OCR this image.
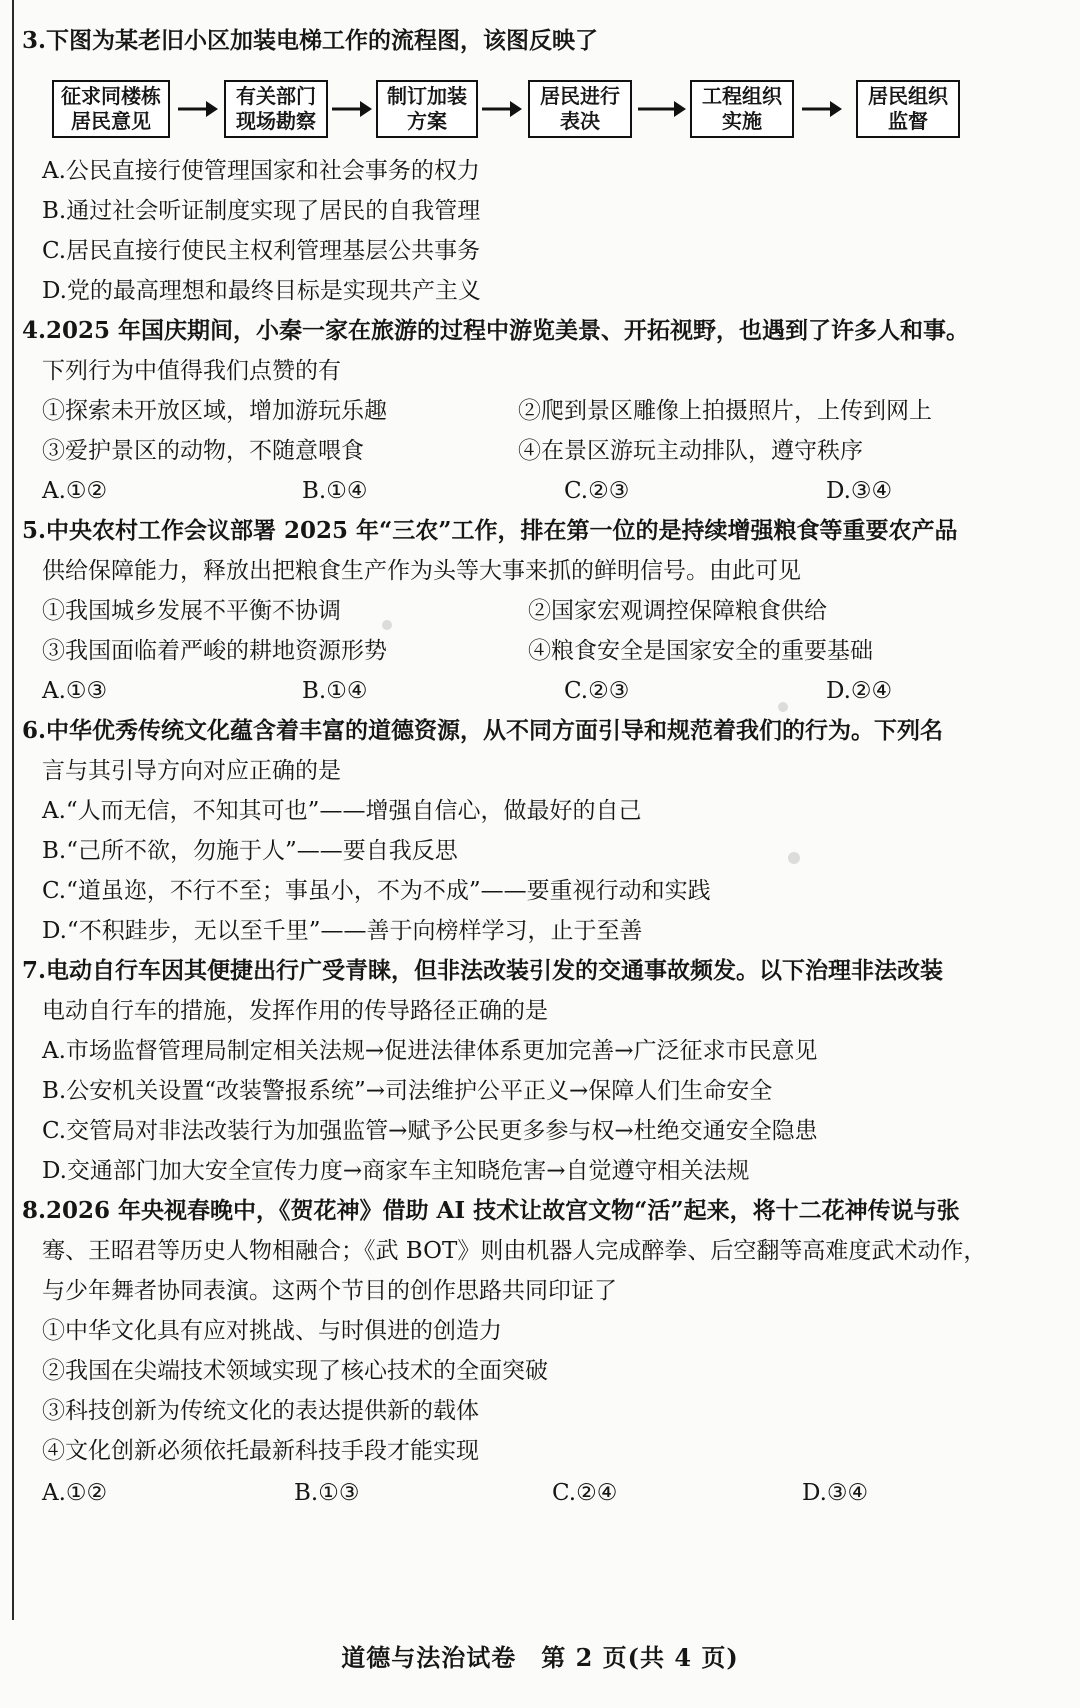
3.下图为某老旧小区加装电梯工作的流程图，该图反映了
征求同楼栋
居民意见
有关部门
现场勘察
制订加装
方案
居民进行
表决
工程组织
实施
居民组织
监督
A.公民直接行使管理国家和社会事务的权力
B.通过社会听证制度实现了居民的自我管理
C.居民直接行使民主权利管理基层公共事务
D.党的最高理想和最终目标是实现共产主义
4.2025 年国庆期间，小秦一家在旅游的过程中游览美景、开拓视野，也遇到了许多人和事。
下列行为中值得我们点赞的有
①探索未开放区域，增加游玩乐趣	②爬到景区雕像上拍摄照片，上传到网上
③爱护景区的动物，不随意喂食	④在景区游玩主动排队，遵守秩序
A.①②	B.①④	C.②③	D.③④
5.中央农村工作会议部署 2025 年“三农”工作，排在第一位的是持续增强粮食等重要农产品
供给保障能力，释放出把粮食生产作为头等大事来抓的鲜明信号。由此可见
①我国城乡发展不平衡不协调	②国家宏观调控保障粮食供给
③我国面临着严峻的耕地资源形势	④粮食安全是国家安全的重要基础
A.①③	B.①④	C.②③	D.②④
6.中华优秀传统文化蕴含着丰富的道德资源，从不同方面引导和规范着我们的行为。下列名
言与其引导方向对应正确的是
A.“人而无信，不知其可也”——增强自信心，做最好的自己
B.“己所不欲，勿施于人”——要自我反思
C.“道虽迩，不行不至；事虽小，不为不成”——要重视行动和实践
D.“不积跬步，无以至千里”——善于向榜样学习，止于至善
7.电动自行车因其便捷出行广受青睐，但非法改装引发的交通事故频发。以下治理非法改装
电动自行车的措施，发挥作用的传导路径正确的是
A.市场监督管理局制定相关法规→促进法律体系更加完善→广泛征求市民意见
B.公安机关设置“改装警报系统”→司法维护公平正义→保障人们生命安全
C.交管局对非法改装行为加强监管→赋予公民更多参与权→杜绝交通安全隐患
D.交通部门加大安全宣传力度→商家车主知晓危害→自觉遵守相关法规
8.2026 年央视春晚中，《贺花神》借助 AI 技术让故宫文物“活”起来，将十二花神传说与张
骞、王昭君等历史人物相融合；《武 BOT》则由机器人完成醉拳、后空翻等高难度武术动作，
与少年舞者协同表演。这两个节目的创作思路共同印证了
①中华文化具有应对挑战、与时俱进的创造力
②我国在尖端技术领域实现了核心技术的全面突破
③科技创新为传统文化的表达提供新的载体
④文化创新必须依托最新科技手段才能实现
A.①②	B.①③	C.②④	D.③④
道德与法治试卷　第 2 页(共 4 页)
